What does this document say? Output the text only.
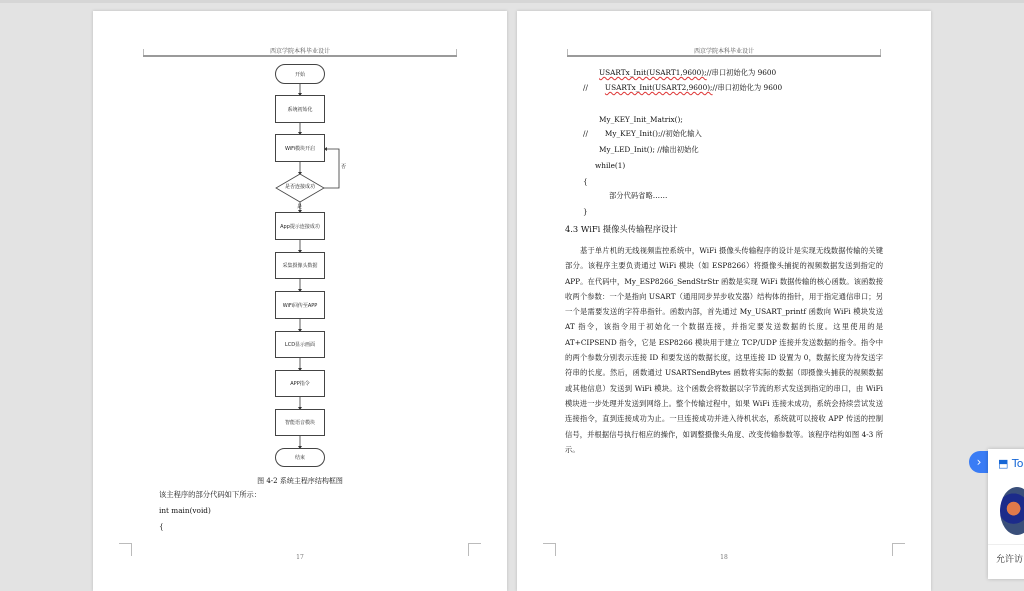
西京学院本科毕业设计
开始
系统初始化
WiFi模块开启
是否连接成功
否
是
App提示连接成功
采集摄像头数据
WiFi回传至APP
LCD显示画面
APP指令
智能语音模块
结束
图 4-2 系统主程序结构框图
该主程序的部分代码如下所示：
int main(void)
{
17
西京学院本科毕业设计
USARTx_Init(USART1,9600);//串口初始化为 9600
// USARTx_Init(USART2,9600);//串口初始化为 9600
My_KEY_Init_Matrix();
// My_KEY_Init();//初始化输入
My_LED_Init(); //输出初始化
while(1)
{
部分代码省略……
}
4.3 WiFi 摄像头传输程序设计

基于单片机的无线视频监控系统中，WiFi 摄像头传输程序的设计是实现无线数据传输的关键部分。该程序主要负责通过 WiFi 模块（如 ESP8266）将摄像头捕捉的视频数据发送到指定的 APP。在代码中，My_ESP8266_SendStrStr 函数是实现 WiFi 数据传输的核心函数。该函数接收两个参数：一个是指向 USART（通用同步异步收发器）结构体的指针，用于指定通信串口；另一个是需要发送的字符串指针。函数内部，首先通过 My_USART_printf 函数向 WiFi 模块发送 AT 指令，该指令用于初始化一个数据连接，并指定要发送数据的长度。这里使用的是 AT+CIPSEND 指令，它是 ESP8266 模块用于建立 TCP/UDP 连接并发送数据的指令。指令中的两个参数分别表示连接 ID 和要发送的数据长度，这里连接 ID 设置为 0，数据长度为待发送字符串的长度。然后，函数通过 USARTSendBytes 函数将实际的数据（即摄像头捕获的视频数据或其他信息）发送到 WiFi 模块。这个函数会将数据以字节流的形式发送到指定的串口，由 WiFi 模块进一步处理并发送到网络上。整个传输过程中，如果 WiFi 连接未成功，系统会持续尝试发送连接指令，直到连接成功为止。一旦连接成功并进入待机状态，系统就可以接收 APP 传送的控制信号，并根据信号执行相应的操作，如调整摄像头角度、改变传输参数等。该程序结构如图 4-3 所示。

18
› ⬒ To
允许访
